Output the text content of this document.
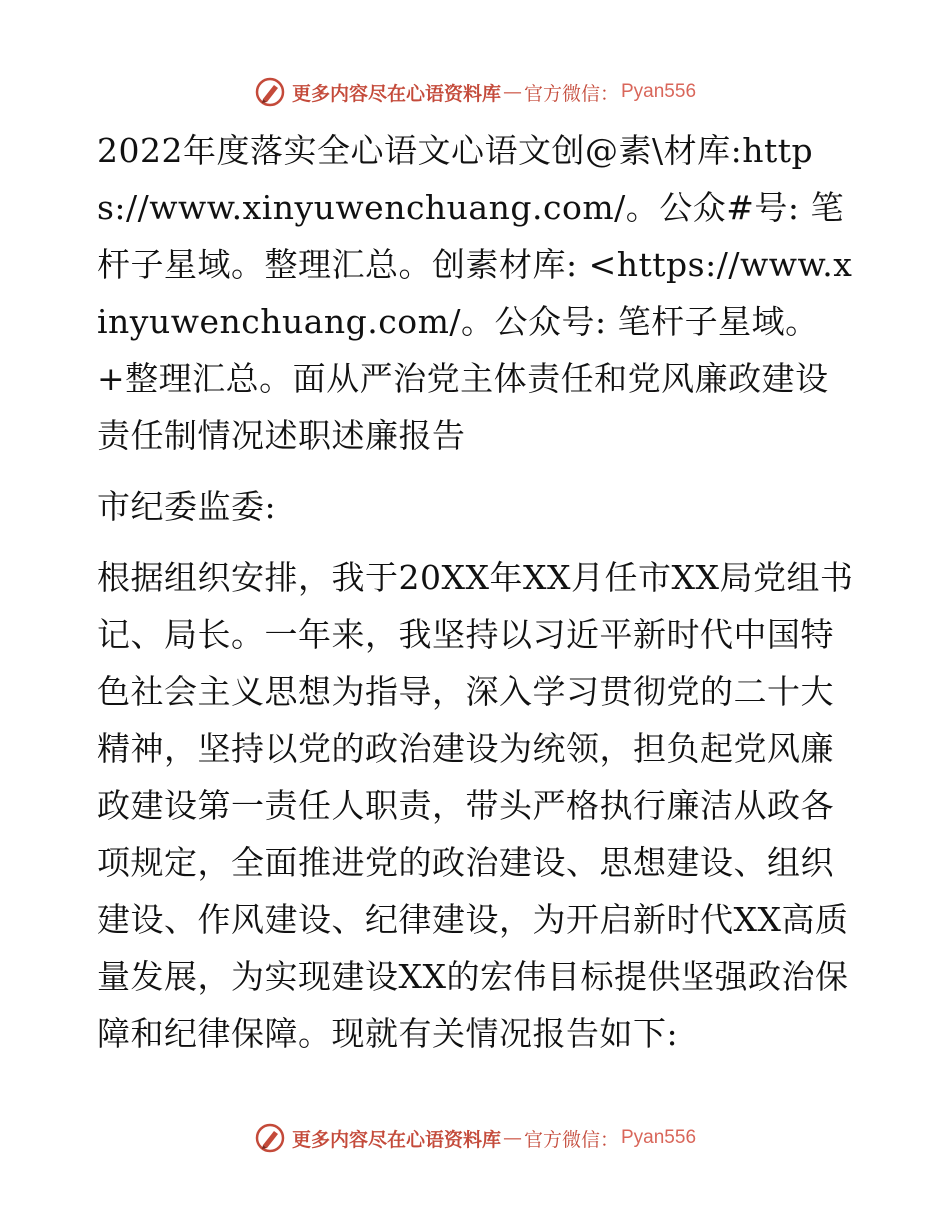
更多内容尽在心语资料库 — 官方微信： Pyan556

2022年度落实全心语文心语文创@素\材库:https://www.xinyuwenchuang.com/。公众#号: 笔杆子星域。整理汇总。创素材库: <https://www.xinyuwenchuang.com/。公众号: 笔杆子星域。+整理汇总。面从严治党主体责任和党风廉政建设责任制情况述职述廉报告

市纪委监委:

根据组织安排，我于20XX年XX月任市XX局党组书记、局长。一年来，我坚持以习近平新时代中国特色社会主义思想为指导，深入学习贯彻党的二十大精神，坚持以党的政治建设为统领，担负起党风廉政建设第一责任人职责，带头严格执行廉洁从政各项规定，全面推进党的政治建设、思想建设、组织建设、作风建设、纪律建设，为开启新时代XX高质量发展，为实现建设XX的宏伟目标提供坚强政治保障和纪律保障。现就有关情况报告如下:

更多内容尽在心语资料库 — 官方微信： Pyan556
